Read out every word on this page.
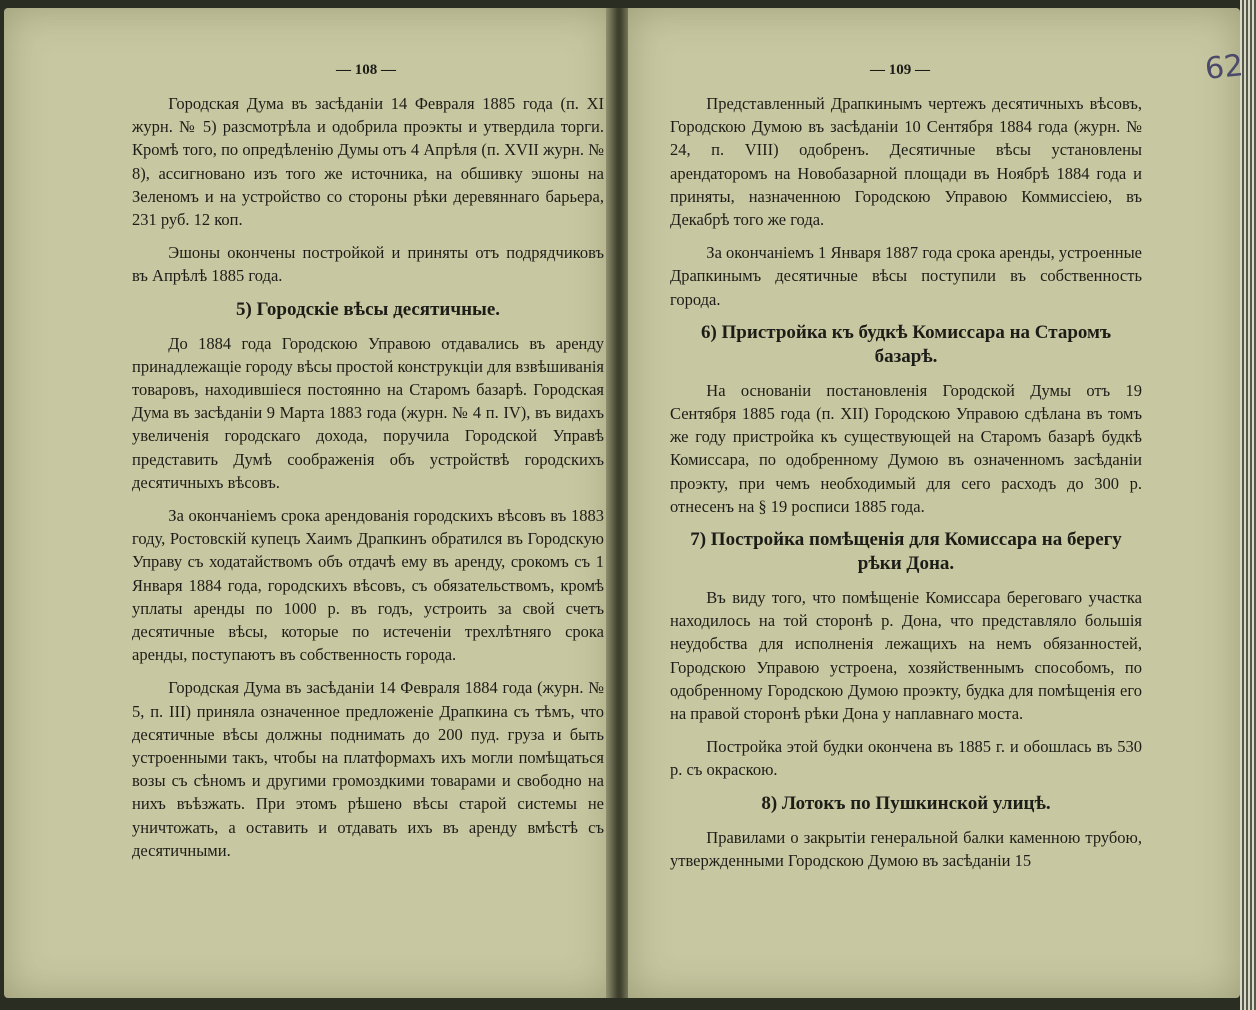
— 108 —

Городская Дума въ засѣданіи 14 Февраля 1885 года (п. XI журн. № 5) разсмотрѣла и одобрила проэкты и утвердила торги. Кромѣ того, по опредѣленію Думы отъ 4 Апрѣля (п. XVII журн. № 8), ассигновано изъ того же источника, на обшивку эшоны на Зеленомъ и на устройство со стороны рѣки деревяннаго барьера, 231 руб. 12 коп.

Эшоны окончены постройкой и приняты отъ подрядчиковъ въ Апрѣлѣ 1885 года.

5) Городскіе вѣсы десятичные.

До 1884 года Городскою Управою отдавались въ аренду принадлежащіе городу вѣсы простой конструкціи для взвѣшиванія товаровъ, находившіеся постоянно на Старомъ базарѣ. Городская Дума въ засѣданіи 9 Марта 1883 года (журн. № 4 п. IV), въ видахъ увеличенія городскаго дохода, поручила Городской Управѣ представить Думѣ соображенія объ устройствѣ городскихъ десятичныхъ вѣсовъ.

За окончаніемъ срока арендованія городскихъ вѣсовъ въ 1883 году, Ростовскій купецъ Хаимъ Драпкинъ обратился въ Городскую Управу съ ходатайствомъ объ отдачѣ ему въ аренду, срокомъ съ 1 Января 1884 года, городскихъ вѣсовъ, съ обязательствомъ, кромѣ уплаты аренды по 1000 р. въ годъ, устроить за свой счетъ десятичные вѣсы, которые по истеченіи трехлѣтняго срока аренды, поступаютъ въ собственность города.

Городская Дума въ засѣданіи 14 Февраля 1884 года (журн. № 5, п. III) приняла означенное предложеніе Драпкина съ тѣмъ, что десятичные вѣсы должны поднимать до 200 пуд. груза и быть устроенными такъ, чтобы на платформахъ ихъ могли помѣщаться возы съ сѣномъ и другими громоздкими товарами и свободно на нихъ въѣзжать. При этомъ рѣшено вѣсы старой системы не уничтожать, а оставить и отдавать ихъ въ аренду вмѣстѣ съ десятичными.

— 109 —

Представленный Драпкинымъ чертежъ десятичныхъ вѣсовъ, Городскою Думою въ засѣданіи 10 Сентября 1884 года (журн. № 24, п. VIII) одобренъ. Десятичные вѣсы установлены арендаторомъ на Новобазарной площади въ Ноябрѣ 1884 года и приняты, назначенною Городскою Управою Коммиссіею, въ Декабрѣ того же года.

За окончаніемъ 1 Января 1887 года срока аренды, устроенные Драпкинымъ десятичные вѣсы поступили въ собственность города.

6) Пристройка къ будкѣ Комиссара на Старомъ базарѣ.

На основаніи постановленія Городской Думы отъ 19 Сентября 1885 года (п. XII) Городскою Управою сдѣлана въ томъ же году пристройка къ существующей на Старомъ базарѣ будкѣ Комиссара, по одобренному Думою въ означенномъ засѣданіи проэкту, при чемъ необходимый для сего расходъ до 300 р. отнесенъ на § 19 росписи 1885 года.

7) Постройка помѣщенія для Комиссара на берегу рѣки Дона.

Въ виду того, что помѣщеніе Комиссара береговаго участка находилось на той сторонѣ р. Дона, что представляло большія неудобства для исполненія лежащихъ на немъ обязанностей, Городскою Управою устроена, хозяйственнымъ способомъ, по одобренному Городскою Думою проэкту, будка для помѣщенія его на правой сторонѣ рѣки Дона у наплавнаго моста.

Постройка этой будки окончена въ 1885 г. и обошлась въ 530 р. съ окраскою.

8) Лотокъ по Пушкинской улицѣ.

Правилами о закрытіи генеральной балки каменною трубою, утвержденными Городскою Думою въ засѣданіи 15

62
